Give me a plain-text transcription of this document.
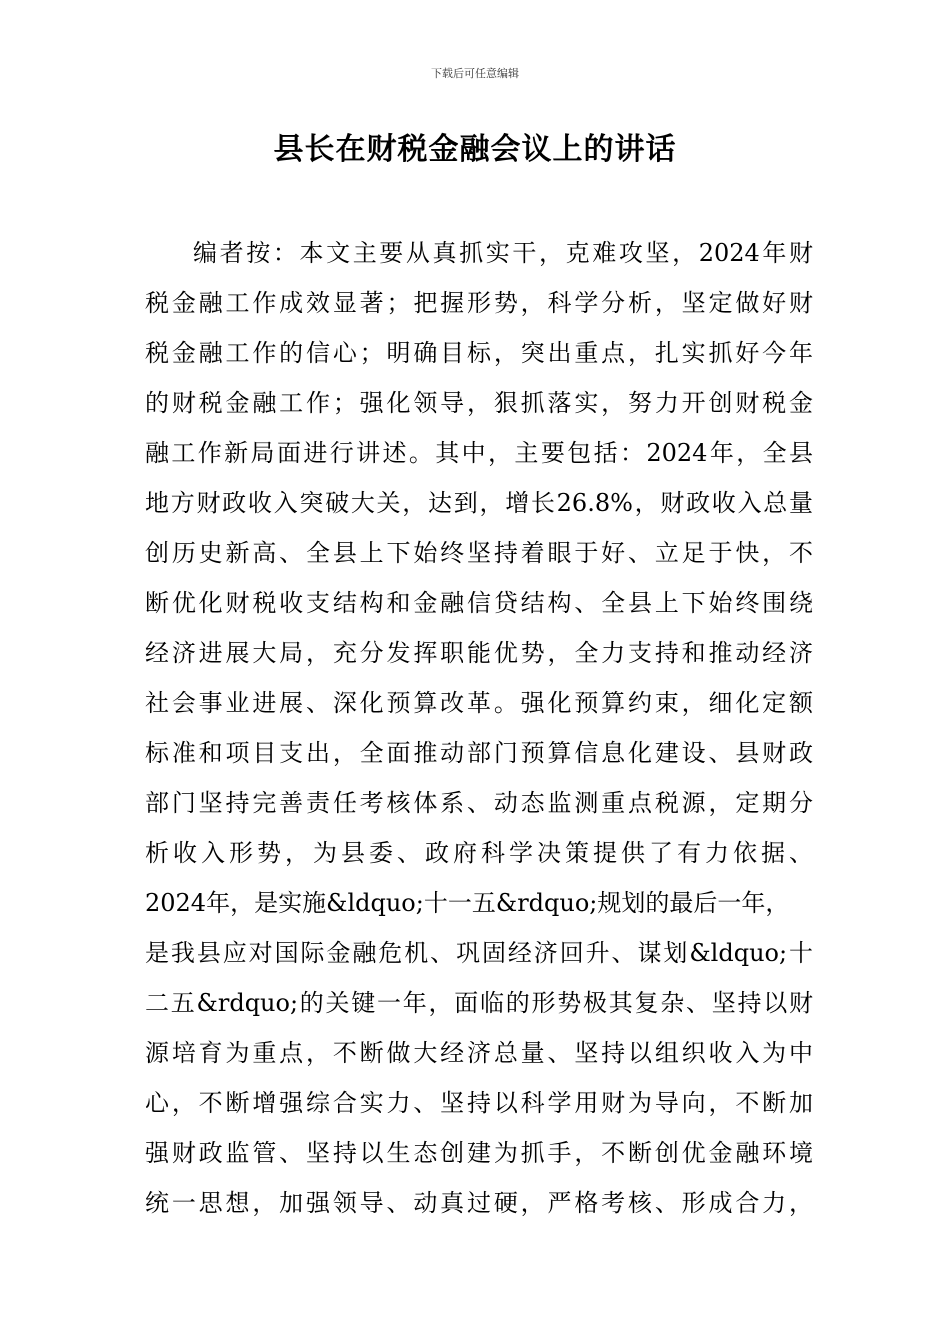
下载后可任意编辑
县长在财税金融会议上的讲话
编者按：本文主要从真抓实干，克难攻坚，2024年财
税金融工作成效显著；把握形势，科学分析，坚定做好财
税金融工作的信心；明确目标，突出重点，扎实抓好今年
的财税金融工作；强化领导，狠抓落实，努力开创财税金
融工作新局面进行讲述。其中，主要包括：2024年，全县
地方财政收入突破大关，达到，增长26.8%，财政收入总量
创历史新高、全县上下始终坚持着眼于好、立足于快，不
断优化财税收支结构和金融信贷结构、全县上下始终围绕
经济进展大局，充分发挥职能优势，全力支持和推动经济
社会事业进展、深化预算改革。强化预算约束，细化定额
标准和项目支出，全面推动部门预算信息化建设、县财政
部门坚持完善责任考核体系、动态监测重点税源，定期分
析收入形势，为县委、政府科学决策提供了有力依据、
2024年，是实施&ldquo;十一五&rdquo;规划的最后一年，
是我县应对国际金融危机、巩固经济回升、谋划&ldquo;十
二五&rdquo;的关键一年，面临的形势极其复杂、坚持以财
源培育为重点，不断做大经济总量、坚持以组织收入为中
心，不断增强综合实力、坚持以科学用财为导向，不断加
强财政监管、坚持以生态创建为抓手，不断创优金融环境
统一思想，加强领导、动真过硬，严格考核、形成合力，
